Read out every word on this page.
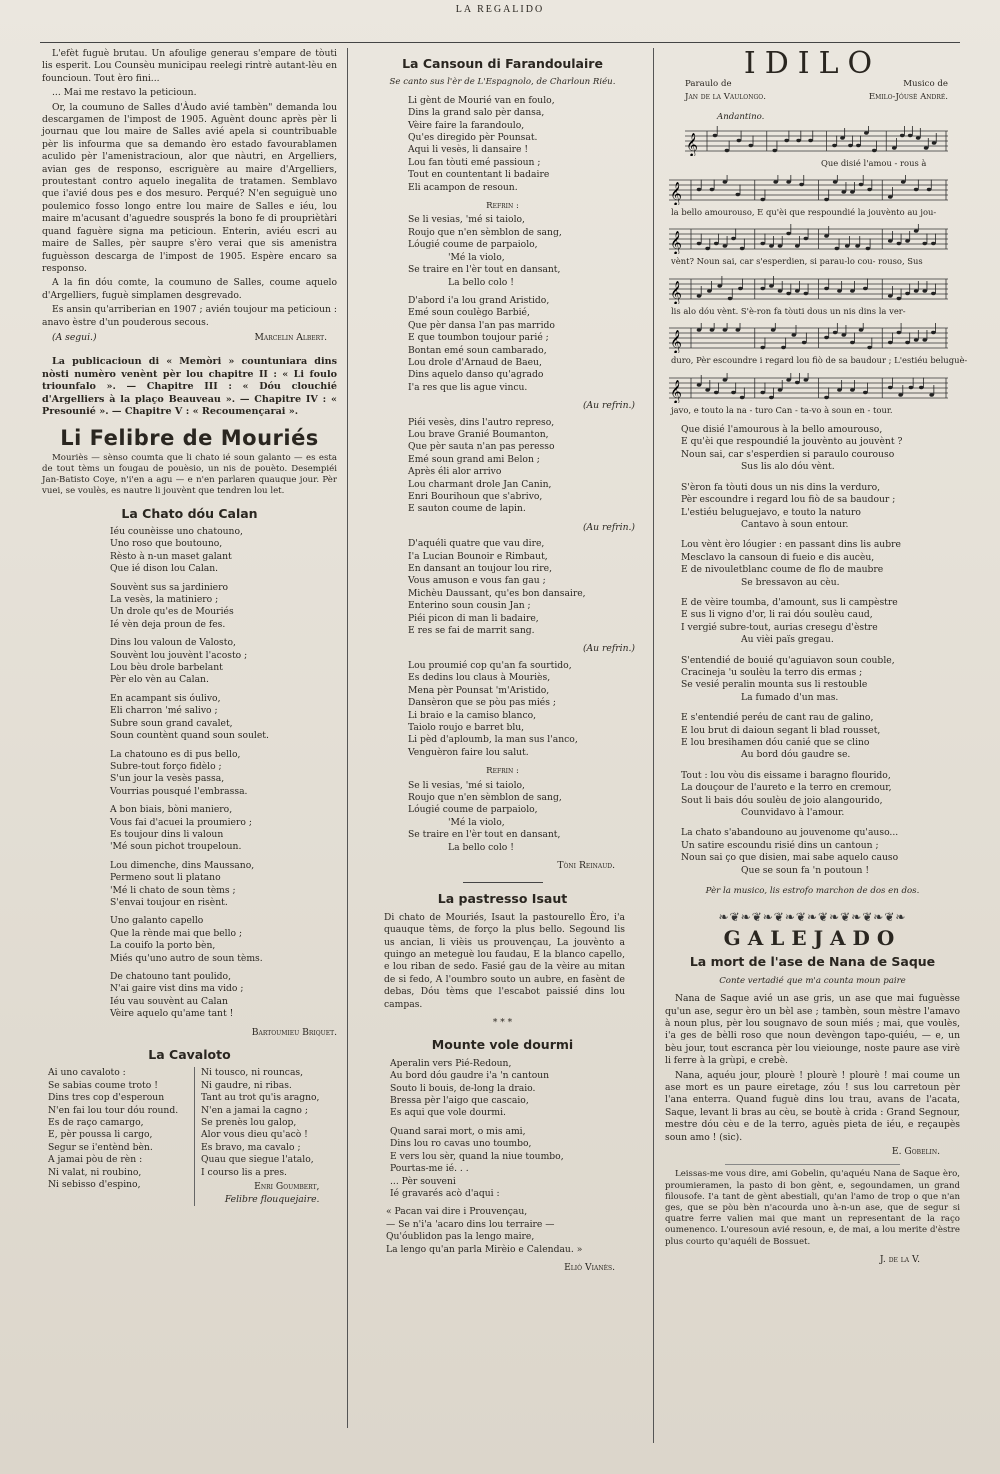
LA REGALIDO

L'efèt fuguè brutau. Un afoulige generau s'empare de tòuti lis esperit. Lou Counsèu municipau reelegi rintrè autant-lèu en founcioun. Tout èro fini...

... Mai me restavo la peticioun.

Or, la coumuno de Salles d'Àudo avié tambèn" demanda lou descargamen de l'impost de 1905. Aguènt dounc après pèr li journau que lou maire de Salles avié apela si countribuable pèr lis infourma que sa demando èro estado favourablamen aculido pèr l'amenistracioun, alor que nàutri, en Argelliers, avian ges de responso, escriguère au maire d'Argelliers, proutestant contro aquelo inegalita de tratamen. Semblavo que i'avié dous pes e dos mesuro. Perqué? N'en seguiguè uno poulemico fosso longo entre lou maire de Salles e iéu, lou maire m'acusant d'aguedre sousprés la bono fe di proupriètàri quand faguère signa ma peticioun. Enterin, aviéu escri au maire de Salles, pèr saupre s'èro verai que sis amenistra fuguèsson descarga de l'impost de 1905. Espère encaro sa responso.

A la fin dóu comte, la coumuno de Salles, coume aquelo d'Argelliers, fuguè simplamen desgrevado.

Es ansin qu'arriberian en 1907 ; avién toujour ma peticioun : anavo èstre d'un pouderous secous.

(A segui.)	Marcelin Albert.
La publicacioun di « Memòri » countuniara dins nòsti numèro venènt pèr lou chapitre II : « Li foulo triounfalo ». — Chapitre III : « Dóu clouchié d'Argelliers à la plaço Beauveau ». — Chapitre IV : « Presounié ». — Chapitre V : « Recoumençarai ».
Li Felibre de Mouriés

Mouriès — sènso coumta que li chato ié soun galanto — es esta de tout tèms un fougau de pouèsio, un nis de pouèto. Desempiéi Jan-Batisto Coye, n'i'en a agu — e n'en parlaren quauque jour. Pèr vuei, se voulès, es nautre li jouvènt que tendren lou let.

La Chato dóu Calan
Iéu counèisse uno chatouno,
Uno roso que boutouno,
Rèsto à n-un maset galant
Que ié dison lou Calan.
Souvènt sus sa jardiniero
La vesès, la matiniero ;
Un drole qu'es de Mouriés
Ié vèn deja proun de fes.
Dins lou valoun de Valosto,
Souvènt lou jouvènt l'acosto ;
Lou bèu drole barbelant
Pèr elo vèn au Calan.
En acampant sis óulivo,
Eli charron 'mé salivo ;
Subre soun grand cavalet,
Soun countènt quand soun soulet.
La chatouno es di pus bello,
Subre-tout forço fidèlo ;
S'un jour la vesès passa,
Vourrias pousqué l'embrassa.
A bon biais, bòni maniero,
Vous fai d'acuei la proumiero ;
Es toujour dins li valoun
'Mé soun pichot troupeloun.
Lou dimenche, dins Maussano,
Permeno sout li platano
'Mé li chato de soun tèms ;
S'envai toujour en risènt.
Uno galanto capello
Que la rènde mai que bello ;
La couifo la porto bèn,
Miés qu'uno autro de soun tèms.
De chatouno tant poulido,
N'ai gaire vist dins ma vido ;
Iéu vau souvènt au Calan
Vèire aquelo qu'ame tant !
Bartoumieu Briquet.
La Cavaloto
Ai uno cavaloto :
Se sabias coume troto !
Dins tres cop d'esperoun
N'en fai lou tour dóu round.
Es de raço camargo,
E, pèr poussa li cargo,
Segur se i'entènd bèn.
A jamai pòu de rèn :
Ni valat, ni roubino,
Ni sebisso d'espino,
Ni tousco, ni rouncas,
Ni gaudre, ni ribas.
Tant au trot qu'is aragno,
N'en a jamai la cagno ;
Se prenès lou galop,
Alor vous dieu qu'acò !
Es bravo, ma cavalo ;
Quau que siegue l'atalo,
I courso lis a pres.
Enri Goumbert,
Felibre flouquejaire.
La Cansoun di Farandoulaire
Se canto sus l'èr de L'Espagnolo, de Charloun Riéu.
Li gènt de Mourié van en foulo,
Dins la grand salo pèr dansa,
Vèire faire la farandoulo,
Qu'es diregido pèr Pounsat.
Aqui li vesès, li dansaire !
Lou fan tòuti emé passioun ;
Tout en countentant li badaire
Eli acampon de resoun.
Refrin :
Se li vesias, 'mé si taiolo,
Roujo que n'en sèmblon de sang,
Lóugié coume de parpaiolo,
'Mé la violo,
Se traire en l'èr tout en dansant,
La bello colo !
D'abord i'a lou grand Aristido,
Emé soun coulègo Barbié,
Que pèr dansa l'an pas marrido
E que toumbon toujour parié ;
Bontan emé soun cambarado,
Lou drole d'Arnaud de Baeu,
Dins aquelo danso qu'agrado
I'a res que lis ague vincu.
(Au refrin.)
Piéi vesès, dins l'autro represo,
Lou brave Granié Boumanton,
Que pèr sauta n'an pas peresso
Emé soun grand ami Belon ;
Après éli alor arrivo
Lou charmant drole Jan Canin,
Enri Bourihoun que s'abrivo,
E sauton coume de lapin.
(Au refrin.)
D'aquéli quatre que vau dire,
I'a Lucian Bounoir e Rimbaut,
En dansant an toujour lou rire,
Vous amuson e vous fan gau ;
Michèu Daussant, qu'es bon dansaire,
Enterino soun cousin Jan ;
Piéi picon di man li badaire,
E res se fai de marrit sang.
(Au refrin.)
Lou proumié cop qu'an fa sourtido,
Es dedins lou claus à Mouriès,
Mena pèr Pounsat 'm'Aristido,
Dansèron que se pòu pas miés ;
Li braio e la camiso blanco,
Taiolo roujo e barret blu,
Li pèd d'aploumb, la man sus l'anco,
Venguèron faire lou salut.
Refrin :
Se li vesias, 'mé si taiolo,
Roujo que n'en sèmblon de sang,
Lóugié coume de parpaiolo,
'Mé la violo,
Se traire en l'èr tout en dansant,
La bello colo !
Tòni Reinaud.
La pastresso Isaut

Di chato de Mouriés, Isaut la pastourello Èro, i'a quauque tèms, de forço la plus bello. Segound lis us ancian, li vièis us prouvençau, La jouvènto a quingo an meteguè lou faudau, E la blanco capello, e lou riban de sedo. Fasié gau de la vèire au mitan de si fedo, A l'oumbro souto un aubre, en fasènt de debas, Dóu tèms que l'escabot paissié dins lou campas.

* * *
Mounte vole dourmi
Aperalin vers Pié-Redoun,
Au bord dóu gaudre i'a 'n cantoun
Souto li bouis, de-long la draio.
Bressa pèr l'aigo que cascaio,
Es aqui que vole dourmi.
Quand sarai mort, o mis ami,
Dins lou ro cavas uno toumbo,
E vers lou sèr, quand la niue toumbo,
Pourtas-me ié. . .
... Pèr souveni
Ié gravarés acò d'aqui :
« Pacan vai dire i Prouvençau,
— Se n'i'a 'acaro dins lou terraire —
Qu'óublidon pas la lengo maire,
La lengo qu'an parla Mirèio e Calendau. »
Eliò Vianès.
IDILO
Paraulo de
Jan de la Vaulongo.
Musico de
Emilo-Jóusè André.
Andantino.
𝄞
Que disié l'amou - rous à
𝄞
la bello amourouso, E qu'èi que respoundié la jouvènto au jou-
𝄞
vènt? Noun sai, car s'esperdien, si parau-lo cou- rouso, Sus
𝄞
lis alo dóu vènt. S'è-ron fa tòuti dous un nis dins la ver-
𝄞
duro, Pèr escoundre i regard lou fiò de sa baudour ; L'estiéu beluguè-
𝄞
javo, e touto la na - turo Can - ta-vo à soun en - tour.
Que disié l'amourous à la bello amourouso,
E qu'èi que respoundié la jouvènto au jouvènt ?
Noun sai, car s'esperdien si paraulo courouso
Sus lis alo dóu vènt.
S'èron fa tòuti dous un nis dins la verduro,
Pèr escoundre i regard lou fiò de sa baudour ;
L'estiéu beluguejavo, e touto la naturo
Cantavo à soun entour.
Lou vènt èro lóugier : en passant dins lis aubre
Mesclavo la cansoun di fueio e dis aucèu,
E de nivouletblanc coume de flo de maubre
Se bressavon au cèu.
E de vèire toumba, d'amount, sus li campèstre
E sus li vigno d'or, li rai dóu soulèu caud,
I vergié subre-tout, aurias cresegu d'èstre
Au vièi païs gregau.
S'entendié de bouié qu'aguiavon soun couble,
Cracineja 'u soulèu la terro dis ermas ;
Se vesié peralin mounta sus li restouble
La fumado d'un mas.
E s'entendié peréu de cant rau de galino,
E lou brut di daioun segant li blad rousset,
E lou bresihamen dóu canié que se clino
Au bord dóu gaudre se.
Tout : lou vòu dis eissame i baragno flourido,
La douçour de l'aureto e la terro en cremour,
Sout li bais dóu soulèu de joio alangourido,
Counvidavo à l'amour.
La chato s'abandouno au jouvenome qu'auso...
Un satire escoundu risié dins un cantoun ;
Noun sai ço que disien, mai sabe aquelo causo
Que se soun fa 'n poutoun !
Pèr la musico, lis estrofo marchon de dos en dos.
❧❦❧❦❧❦❧❦❧❦❧❦❧❦❧❦❧
GALEJADO
La mort de l'ase de Nana de Saque
Conte vertadié que m'a counta moun paire

Nana de Saque avié un ase gris, un ase que mai fuguèsse qu'un ase, segur èro un bèl ase ; tambèn, soun mèstre l'amavo à noun plus, pèr lou sougnavo de soun miés ; mai, que voulès, i'a ges de bèlli roso que noun devèngon tapo-quiéu, — e, un bèu jour, tout escranca pèr lou vieiounge, noste paure ase virè li ferre à la grùpi, e crebè.

Nana, aquéu jour, plourè ! plourè ! plourè ! mai coume un ase mort es un paure eiretage, zóu ! sus lou carretoun pèr l'ana enterra. Quand fuguè dins lou trau, avans de l'acata, Saque, levant li bras au cèu, se boutè à crida : Grand Segnour, mestre dóu cèu e de la terro, aguès pieta de iéu, e reçaupès soun amo ! (sic).

E. Gobelin.

Leissas-me vous dire, ami Gobelin, qu'aquéu Nana de Saque èro, proumieramen, la pasto di bon gènt, e, segoundamen, un grand filousofe. I'a tant de gènt abestiali, qu'an l'amo de trop o que n'an ges, que se pòu bèn n'acourda uno à-n-un ase, que de segur si quatre ferre valien mai que mant un representant de la raço oumenenco. L'ouresoun avié resoun, e, de mai, a lou merite d'èstre plus courto qu'aquéli de Bossuet.

J. de la V.
